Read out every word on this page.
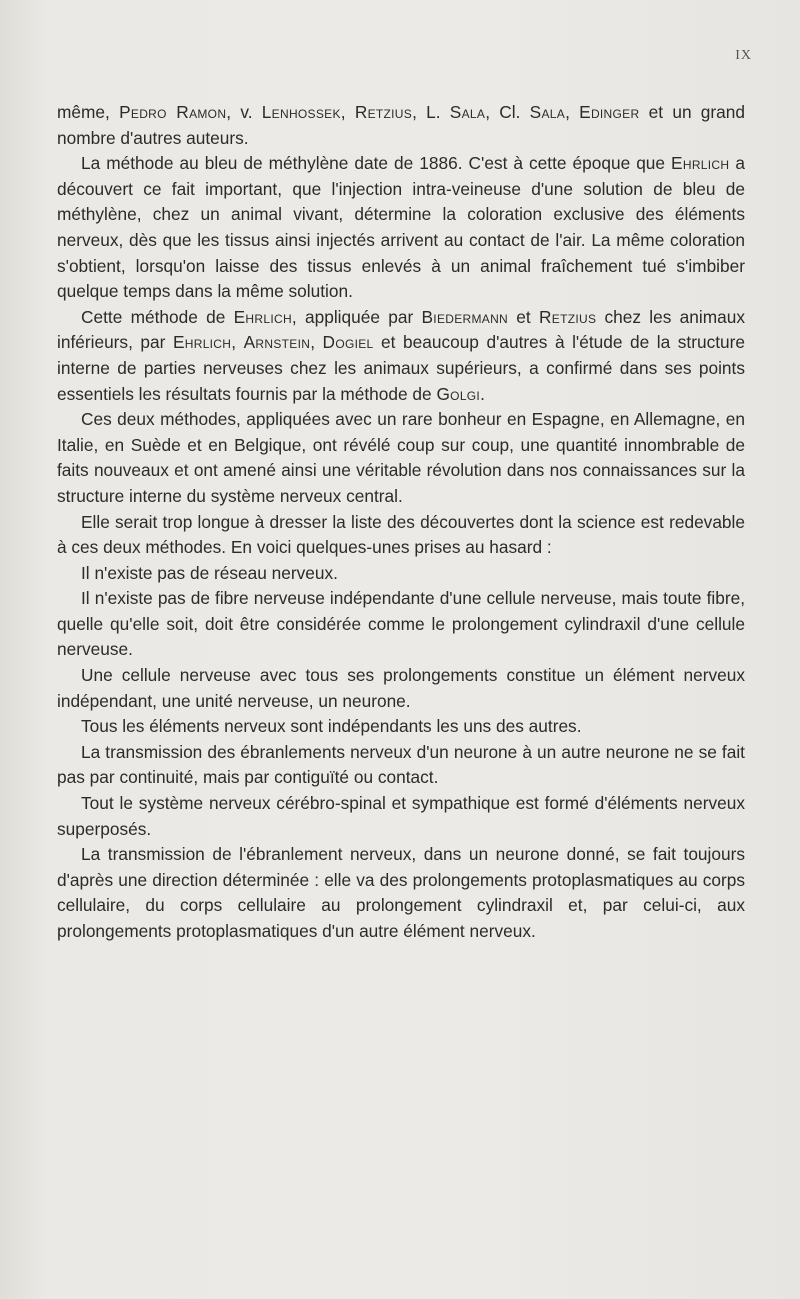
IX

même, Pedro Ramon, v. Lenhossek, Retzius, L. Sala, Cl. Sala, Edinger et un grand nombre d'autres auteurs.

La méthode au bleu de méthylène date de 1886. C'est à cette époque que Ehrlich a découvert ce fait important, que l'injection intra-veineuse d'une solution de bleu de méthylène, chez un animal vivant, détermine la coloration exclusive des éléments nerveux, dès que les tissus ainsi injectés arrivent au contact de l'air. La même coloration s'obtient, lorsqu'on laisse des tissus enlevés à un animal fraîchement tué s'imbiber quelque temps dans la même solution.

Cette méthode de Ehrlich, appliquée par Biedermann et Retzius chez les animaux inférieurs, par Ehrlich, Arnstein, Dogiel et beaucoup d'autres à l'étude de la structure interne de parties nerveuses chez les animaux supérieurs, a confirmé dans ses points essentiels les résultats fournis par la méthode de Golgi.

Ces deux méthodes, appliquées avec un rare bonheur en Espagne, en Allemagne, en Italie, en Suède et en Belgique, ont révélé coup sur coup, une quantité innombrable de faits nouveaux et ont amené ainsi une véritable révolution dans nos connaissances sur la structure interne du système nerveux central.

Elle serait trop longue à dresser la liste des découvertes dont la science est redevable à ces deux méthodes. En voici quelques-unes prises au hasard :

Il n'existe pas de réseau nerveux.

Il n'existe pas de fibre nerveuse indépendante d'une cellule nerveuse, mais toute fibre, quelle qu'elle soit, doit être considérée comme le prolongement cylindraxil d'une cellule nerveuse.

Une cellule nerveuse avec tous ses prolongements constitue un élément nerveux indépendant, une unité nerveuse, un neurone.

Tous les éléments nerveux sont indépendants les uns des autres.

La transmission des ébranlements nerveux d'un neurone à un autre neurone ne se fait pas par continuité, mais par contiguïté ou contact.

Tout le système nerveux cérébro-spinal et sympathique est formé d'éléments nerveux superposés.

La transmission de l'ébranlement nerveux, dans un neurone donné, se fait toujours d'après une direction déterminée : elle va des prolongements protoplasmatiques au corps cellulaire, du corps cellulaire au prolongement cylindraxil et, par celui-ci, aux prolongements protoplasmatiques d'un autre élément nerveux.
